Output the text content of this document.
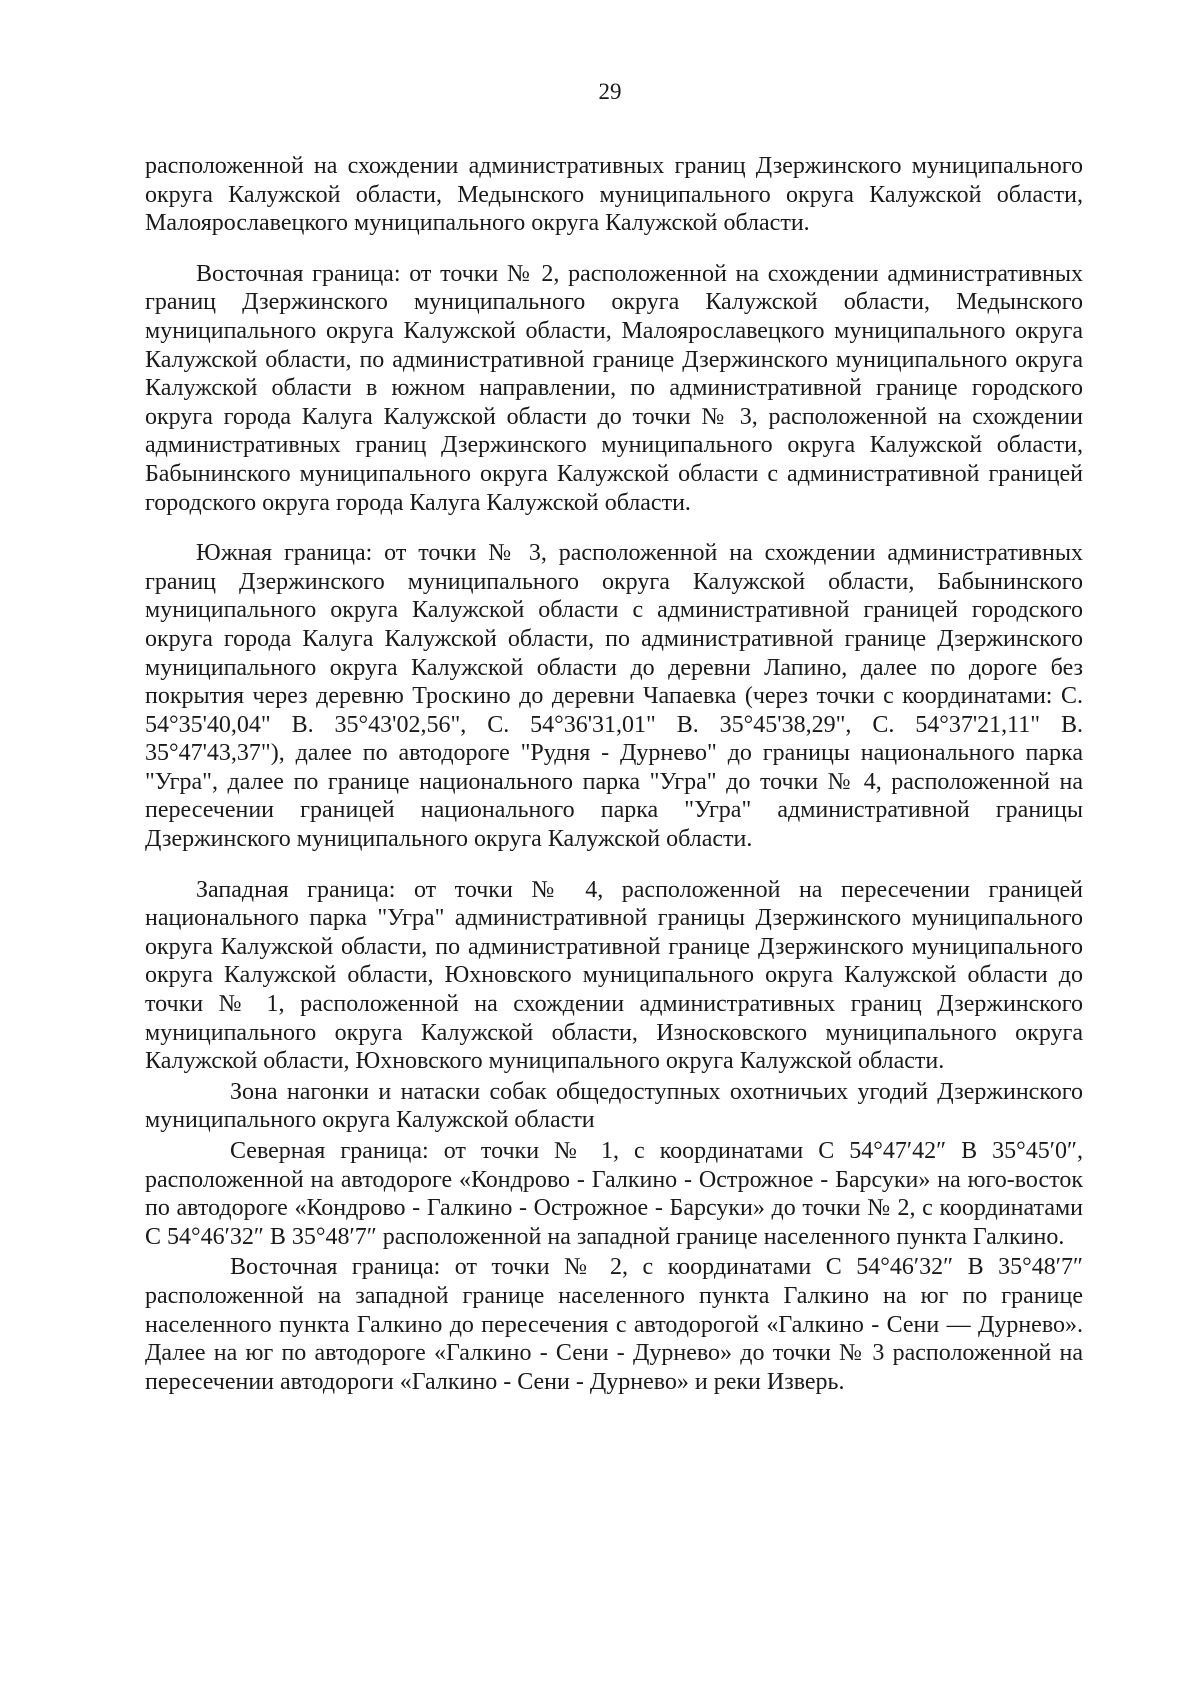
29

расположенной на схождении административных границ Дзержинского муниципального округа Калужской области, Медынского муниципального округа Калужской области, Малоярославецкого муниципального округа Калужской области.

Восточная граница: от точки № 2, расположенной на схождении административных границ Дзержинского муниципального округа Калужской области, Медынского муниципального округа Калужской области, Малоярославецкого муниципального округа Калужской области, по административной границе Дзержинского муниципального округа Калужской области в южном направлении, по административной границе городского округа города Калуга Калужской области до точки № 3, расположенной на схождении административных границ Дзержинского муниципального округа Калужской области, Бабынинского муниципального округа Калужской области с административной границей городского округа города Калуга Калужской области.

Южная граница: от точки № 3, расположенной на схождении административных границ Дзержинского муниципального округа Калужской области, Бабынинского муниципального округа Калужской области с административной границей городского округа города Калуга Калужской области, по административной границе Дзержинского муниципального округа Калужской области до деревни Лапино, далее по дороге без покрытия через деревню Троскино до деревни Чапаевка (через точки с координатами: С. 54°35'40,04" В. 35°43'02,56", С. 54°36'31,01" В. 35°45'38,29", С. 54°37'21,11" В. 35°47'43,37"), далее по автодороге "Рудня - Дурнево" до границы национального парка "Угра", далее по границе национального парка "Угра" до точки № 4, расположенной на пересечении границей национального парка "Угра" административной границы Дзержинского муниципального округа Калужской области.

Западная граница: от точки № 4, расположенной на пересечении границей национального парка "Угра" административной границы Дзержинского муниципального округа Калужской области, по административной границе Дзержинского муниципального округа Калужской области, Юхновского муниципального округа Калужской области до точки № 1, расположенной на схождении административных границ Дзержинского муниципального округа Калужской области, Износковского муниципального округа Калужской области, Юхновского муниципального округа Калужской области.

Зона нагонки и натаски собак общедоступных охотничьих угодий Дзержинского муниципального округа Калужской области

Северная граница: от точки № 1, с координатами С 54°47′42″ В 35°45′0″, расположенной на автодороге «Кондрово - Галкино - Острожное - Барсуки» на юго-восток по автодороге «Кондрово - Галкино - Острожное - Барсуки» до точки № 2, с координатами С 54°46′32″ В 35°48′7″ расположенной на западной границе населенного пункта Галкино.

Восточная граница: от точки № 2, с координатами С 54°46′32″ В 35°48′7″ расположенной на западной границе населенного пункта Галкино на юг по границе населенного пункта Галкино до пересечения с автодорогой «Галкино - Сени — Дурнево». Далее на юг по автодороге «Галкино - Сени - Дурнево» до точки № 3 расположенной на пересечении автодороги «Галкино - Сени - Дурнево» и реки Изверь.
